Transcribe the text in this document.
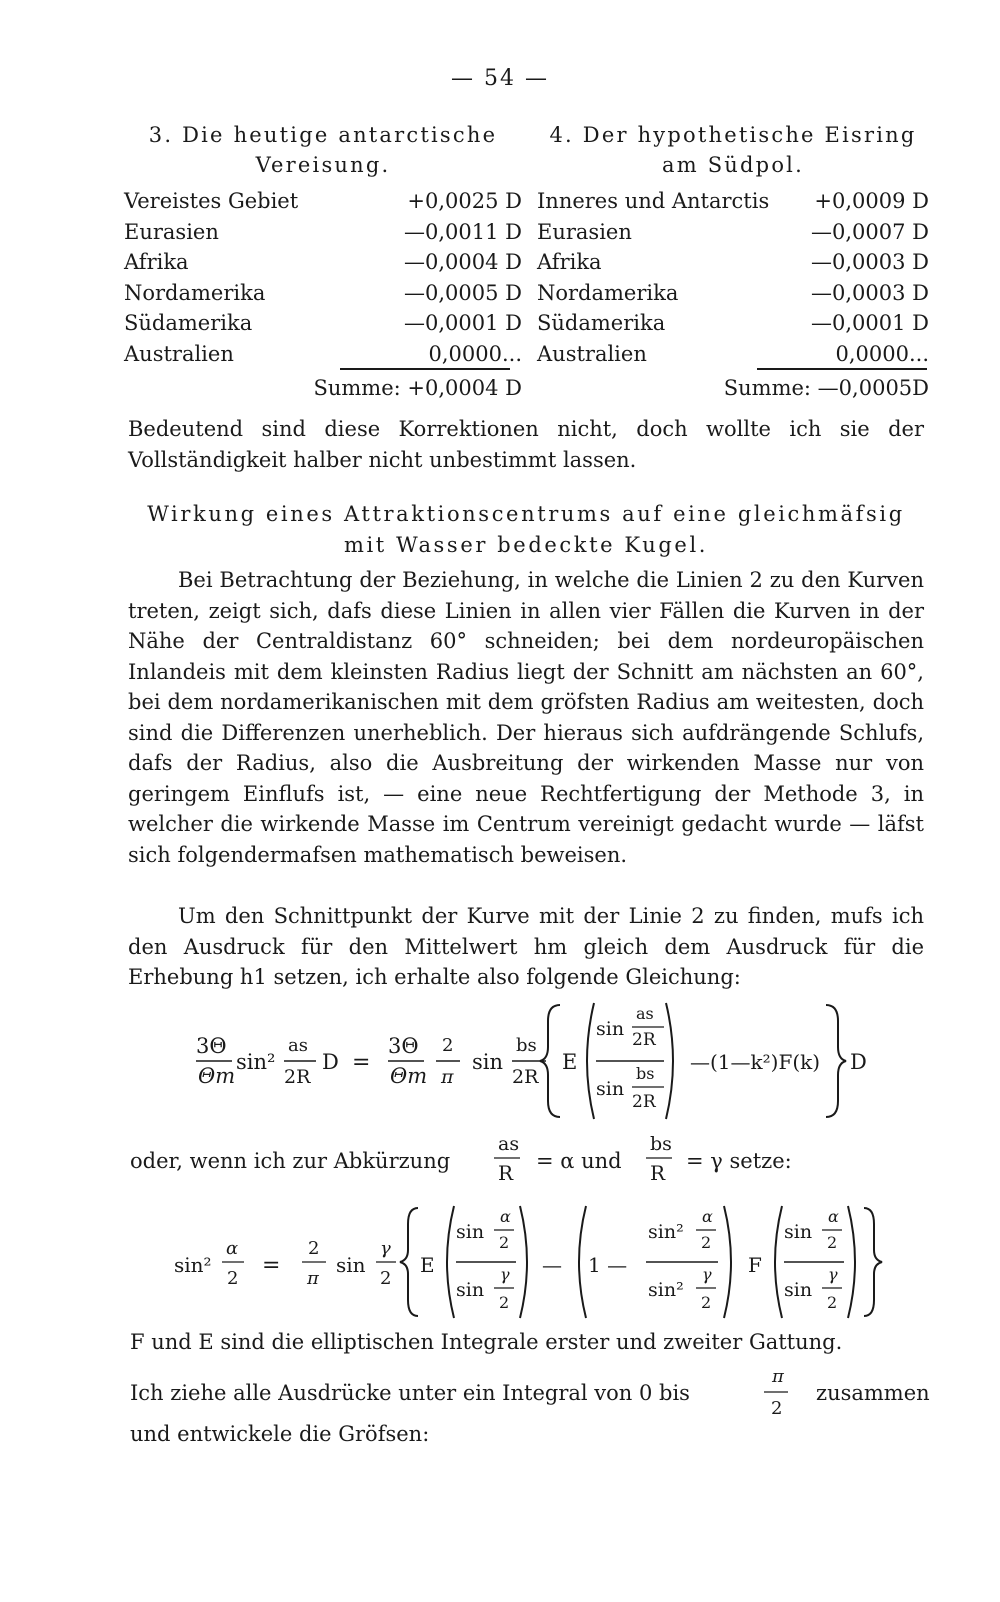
— 54 —
3. Die heutige antarctische
Vereisung.
Vereistes Gebiet	+0,0025 D
Eurasien	—0,0011 D
Afrika	—0,0004 D
Nordamerika	—0,0005 D
Südamerika	—0,0001 D
Australien	0,0000...
Summe: +0,0004 D
4. Der hypothetische Eisring
am Südpol.
Inneres und Antarctis +0,0009 D
Eurasien	—0,0007 D
Afrika	—0,0003 D
Nordamerika	—0,0003 D
Südamerika	—0,0001 D
Australien	0,0000...
Summe: —0,0005D

Bedeutend sind diese Korrektionen nicht, doch wollte ich sie der Vollständigkeit halber nicht unbestimmt lassen.

Wirkung eines Attraktionscentrums auf eine gleichmäfsig mit Wasser bedeckte Kugel.

Bei Betrachtung der Beziehung, in welche die Linien 2 zu den Kurven treten, zeigt sich, dafs diese Linien in allen vier Fällen die Kurven in der Nähe der Centraldistanz 60° schneiden; bei dem nordeuropäischen Inlandeis mit dem kleinsten Radius liegt der Schnitt am nächsten an 60°, bei dem nordamerikanischen mit dem gröfsten Radius am weitesten, doch sind die Differenzen unerheblich. Der hieraus sich aufdrängende Schlufs, dafs der Radius, also die Ausbreitung der wirkenden Masse nur von geringem Einflufs ist, — eine neue Rechtfertigung der Methode 3, in welcher die wirkende Masse im Centrum vereinigt gedacht wurde — läfst sich folgendermafsen mathematisch beweisen.

Um den Schnittpunkt der Kurve mit der Linie 2 zu finden, mufs ich den Ausdruck für den Mittelwert hm gleich dem Ausdruck für die Erhebung h1 setzen, ich erhalte also folgende Gleichung:

3Θ
Θm
sin²
as
2R
D =
3Θ
Θm
2
π
sin
bs
2R
E
sin
as
2R
bs
sin
2R
—(1—k²)F(k) D
oder, wenn ich zur Abkürzung
as
R = α und
bs
R = γ setze:
sin²
α
2
=
2
π
sin
γ
2
E
sin
α
2
γ
sin
2
— 1 —
sin²
α
2
γ
sin²
2
F
sin
α
2
γ
sin
2
F und E sind die elliptischen Integrale erster und zweiter Gattung.
Ich ziehe alle Ausdrücke unter ein Integral von 0 bis
π
2
zusammen
und entwickele die Gröfsen:
